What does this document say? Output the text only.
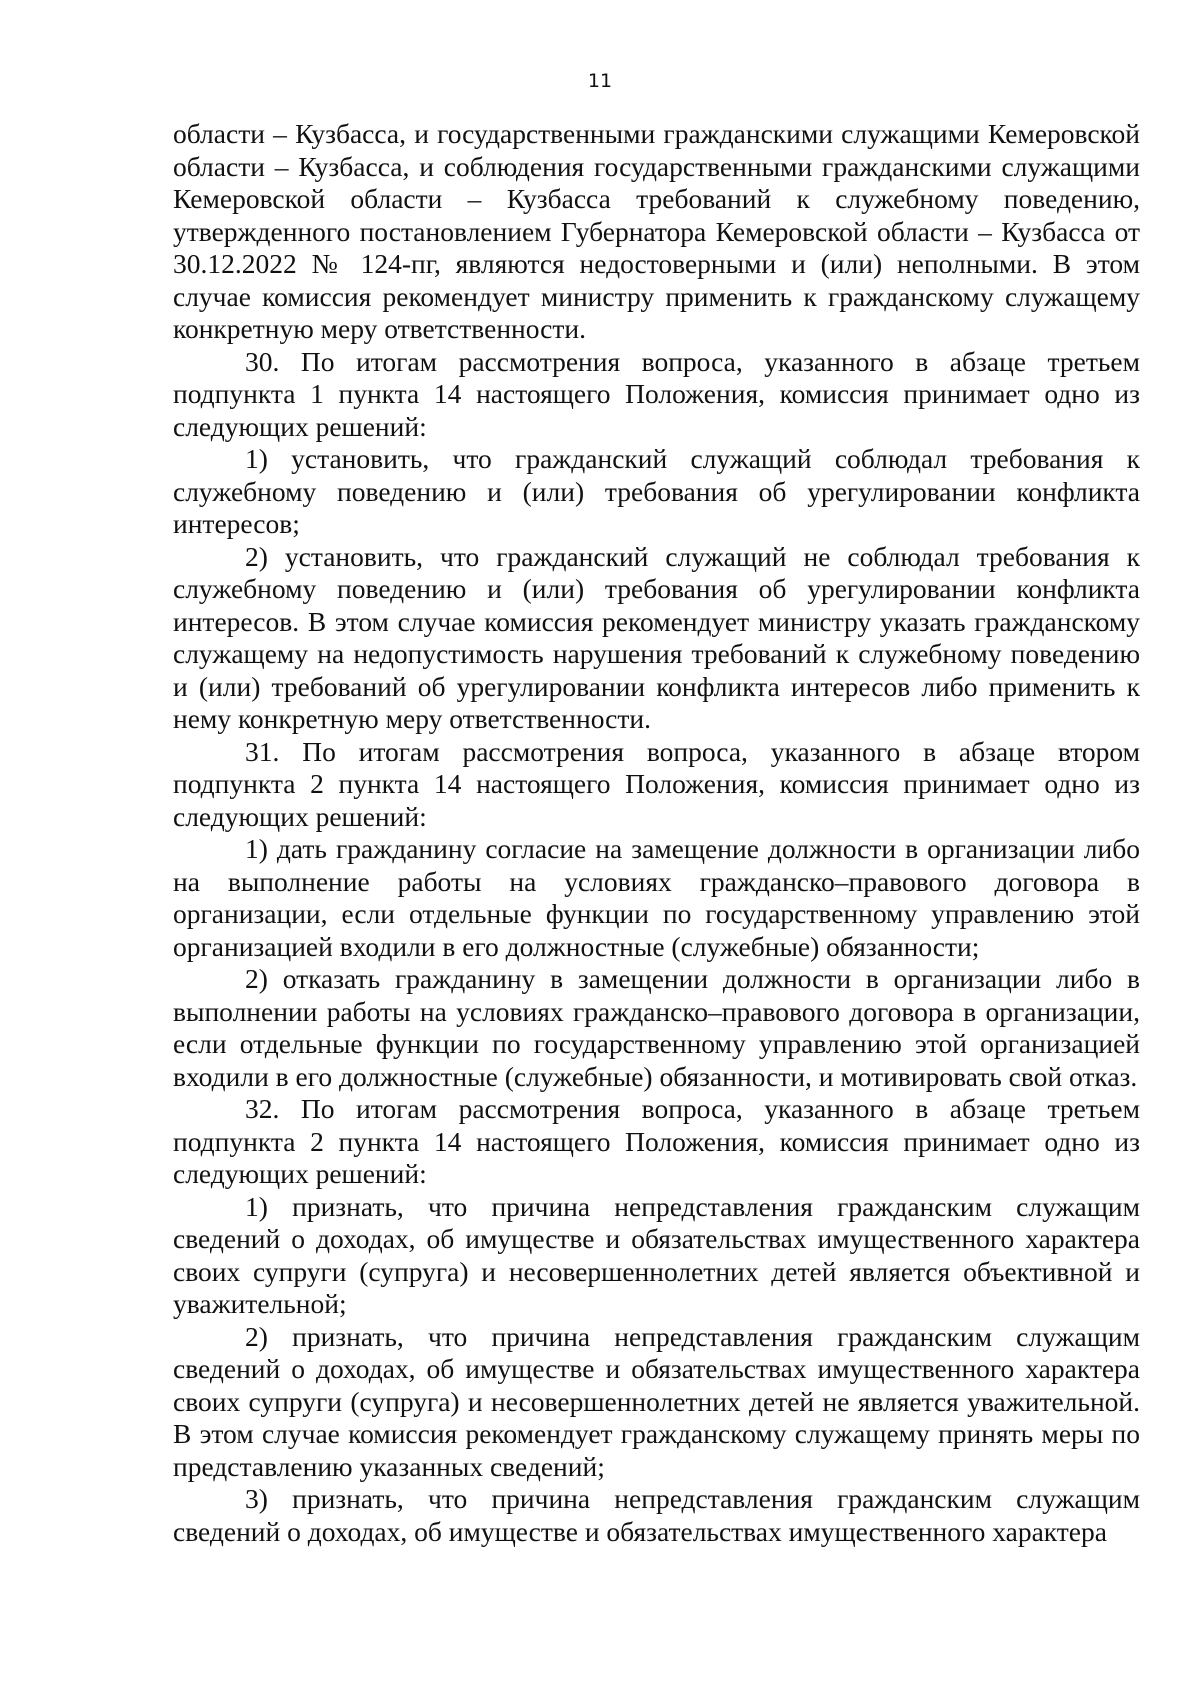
11

области – Кузбасса, и государственными гражданскими служащими Кемеровской области – Кузбасса, и соблюдения государственными гражданскими служащими Кемеровской области – Кузбасса требований к служебному поведению, утвержденного постановлением Губернатора Кемеровской области – Кузбасса от 30.12.2022 № 124-пг, являются недостоверными и (или) неполными. В этом случае комиссия рекомендует министру применить к гражданскому служащему конкретную меру ответственности.

30. По итогам рассмотрения вопроса, указанного в абзаце третьем подпункта 1 пункта 14 настоящего Положения, комиссия принимает одно из следующих решений:

1) установить, что гражданский служащий соблюдал требования к служебному поведению и (или) требования об урегулировании конфликта интересов;

2) установить, что гражданский служащий не соблюдал требования к служебному поведению и (или) требования об урегулировании конфликта интересов. В этом случае комиссия рекомендует министру указать гражданскому служащему на недопустимость нарушения требований к служебному поведению и (или) требований об урегулировании конфликта интересов либо применить к нему конкретную меру ответственности.

31. По итогам рассмотрения вопроса, указанного в абзаце втором подпункта 2 пункта 14 настоящего Положения, комиссия принимает одно из следующих решений:

1) дать гражданину согласие на замещение должности в организации либо на выполнение работы на условиях гражданско–правового договора в организации, если отдельные функции по государственному управлению этой организацией входили в его должностные (служебные) обязанности;

2) отказать гражданину в замещении должности в организации либо в выполнении работы на условиях гражданско–правового договора в организации, если отдельные функции по государственному управлению этой организацией входили в его должностные (служебные) обязанности, и мотивировать свой отказ.

32. По итогам рассмотрения вопроса, указанного в абзаце третьем подпункта 2 пункта 14 настоящего Положения, комиссия принимает одно из следующих решений:

1) признать, что причина непредставления гражданским служащим сведений о доходах, об имуществе и обязательствах имущественного характера своих супруги (супруга) и несовершеннолетних детей является объективной и уважительной;

2) признать, что причина непредставления гражданским служащим сведений о доходах, об имуществе и обязательствах имущественного характера своих супруги (супруга) и несовершеннолетних детей не является уважительной. В этом случае комиссия рекомендует гражданскому служащему принять меры по представлению указанных сведений;

3) признать, что причина непредставления гражданским служащим сведений о доходах, об имуществе и обязательствах имущественного характера
